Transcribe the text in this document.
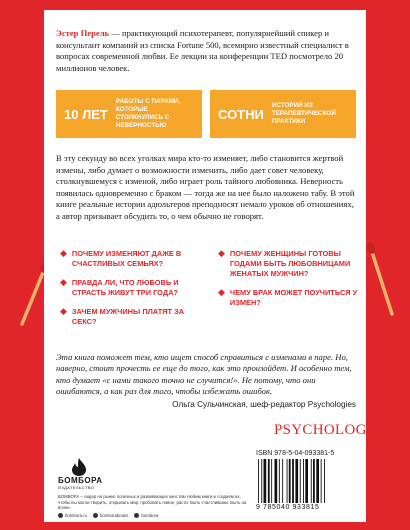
Эстер Перель — практикующий психотерапевт, популярнейший спикер и консультант компаний из списка Fortune 500, всемирно известный специалист в вопросах современной любви. Ее лекции на конференции TED посмотрело 20 миллионов человек.
10 ЛЕТ
РАБОТЫ С ПАРАМИ, КОТОРЫЕ СТОЛКНУЛИСЬ С НЕВЕРНОСТЬЮ
СОТНИ
ИСТОРИЙ ИЗ ТЕРАПЕВТИЧЕСКОЙ ПРАКТИКИ
В эту секунду во всех уголках мира кто-то изменяет, либо становится жертвой измены, либо думает о возможности изменить, либо дает совет человеку, столкнувшемуся с изменой, либо играет роль тайного любовника. Неверность появилась одновременно с браком — тогда же на нее было наложено табу. В этой книге реальные истории адюльтеров преподносят немало уроков об отношениях, а автор призывает обсудить то, о чем обычно не говорят.
◆ ПОЧЕМУ ИЗМЕНЯЮТ ДАЖЕ В СЧАСТЛИВЫХ СЕМЬЯХ?
◆ ПРАВДА ЛИ, ЧТО ЛЮБОВЬ И СТРАСТЬ ЖИВУТ ТРИ ГОДА?
◆ ЗАЧЕМ МУЖЧИНЫ ПЛАТЯТ ЗА СЕКС?
◆ ПОЧЕМУ ЖЕНЩИНЫ ГОТОВЫ ГОДАМИ БЫТЬ ЛЮБОВНИЦАМИ ЖЕНАТЫХ МУЖЧИН?
◆ ЧЕМУ БРАК МОЖЕТ ПОУЧИТЬСЯ У ИЗМЕН?
Эта книга поможет тем, кто ищет способ справиться с изменами в паре. Но, наверно, стоит прочесть ее еще до того, как это произойдет. И особенно тем, кто думает «с нами такого точно не случится!». Не потому, что они ошибаются, а как раз для того, чтобы избежать ошибок.
Ольга Сульчинская, шеф-редактор Psychologies
PSYCHOLOGIES
БОМБОРА
ИЗДАТЕЛЬСТВО
БОМБОРА – лидер на рынке полезных и развивающих книг. Мы любим книги и создаем их, чтобы вы могли творить, открывать мир, пробовать новое, расти. Быть счастливыми. Быть на волне.
bombora.ru	bomborabooks	bombora
ISBN 978-5-04-093381-5
9 785040 933815
